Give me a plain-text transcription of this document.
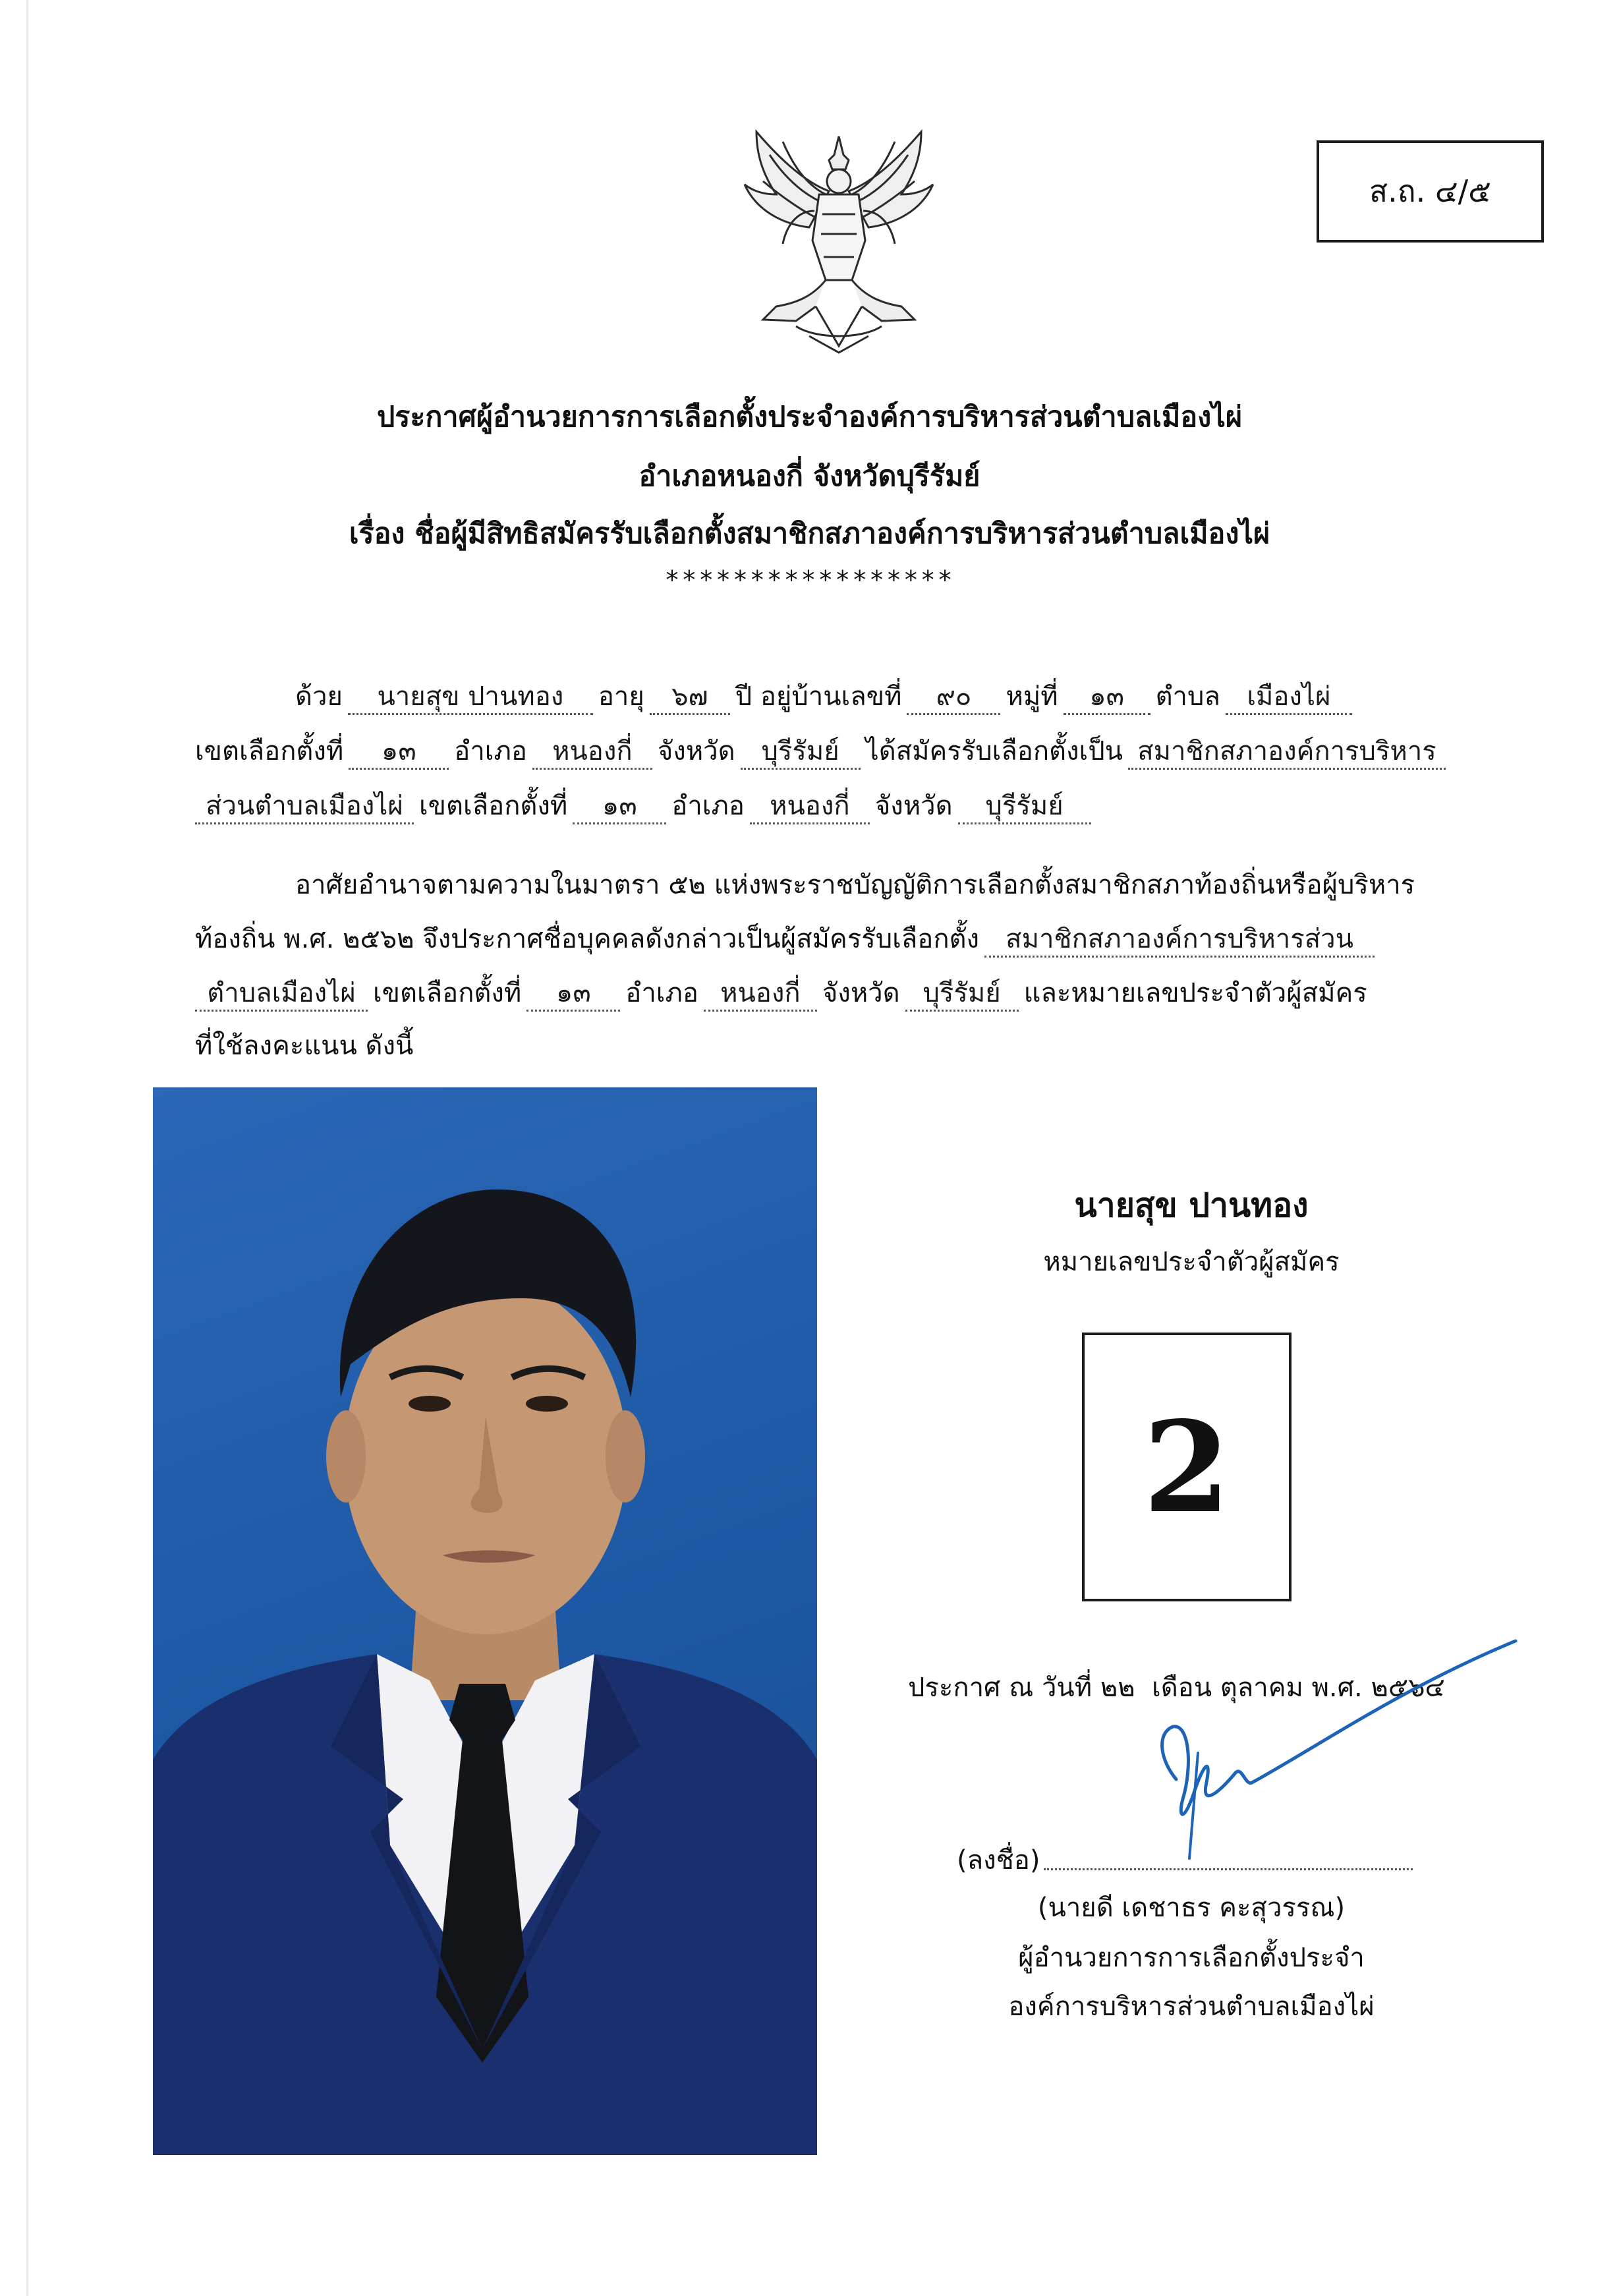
ส.ถ. ๔/๕
ประกาศผู้อำนวยการการเลือกตั้งประจำองค์การบริหารส่วนตำบลเมืองไผ่
อำเภอหนองกี่ จังหวัดบุรีรัมย์
เรื่อง ชื่อผู้มีสิทธิสมัครรับเลือกตั้งสมาชิกสภาองค์การบริหารส่วนตำบลเมืองไผ่
*****************
ด้วย นายสุข ปานทอง อายุ ๖๗ ปี อยู่บ้านเลขที่ ๙๐ หมู่ที่ ๑๓ ตำบล เมืองไผ่
เขตเลือกตั้งที่ ๑๓ อำเภอ หนองกี่ จังหวัด บุรีรัมย์ ได้สมัครรับเลือกตั้งเป็น สมาชิกสภาองค์การบริหาร
ส่วนตำบลเมืองไผ่ เขตเลือกตั้งที่ ๑๓ อำเภอ หนองกี่ จังหวัด บุรีรัมย์
อาศัยอำนาจตามความในมาตรา ๕๒ แห่งพระราชบัญญัติการเลือกตั้งสมาชิกสภาท้องถิ่นหรือผู้บริหาร
ท้องถิ่น พ.ศ. ๒๕๖๒ จึงประกาศชื่อบุคคลดังกล่าวเป็นผู้สมัครรับเลือกตั้ง สมาชิกสภาองค์การบริหารส่วน
ตำบลเมืองไผ่ เขตเลือกตั้งที่ ๑๓ อำเภอ หนองกี่ จังหวัด บุรีรัมย์ และหมายเลขประจำตัวผู้สมัคร
ที่ใช้ลงคะแนน ดังนี้
นายสุข ปานทอง
หมายเลขประจำตัวผู้สมัคร
2
ประกาศ ณ วันที่ ๒๒ เดือน ตุลาคม พ.ศ. ๒๕๖๔
(ลงชื่อ)
(นายดี เดชาธร คะสุวรรณ)
ผู้อำนวยการการเลือกตั้งประจำ
องค์การบริหารส่วนตำบลเมืองไผ่
